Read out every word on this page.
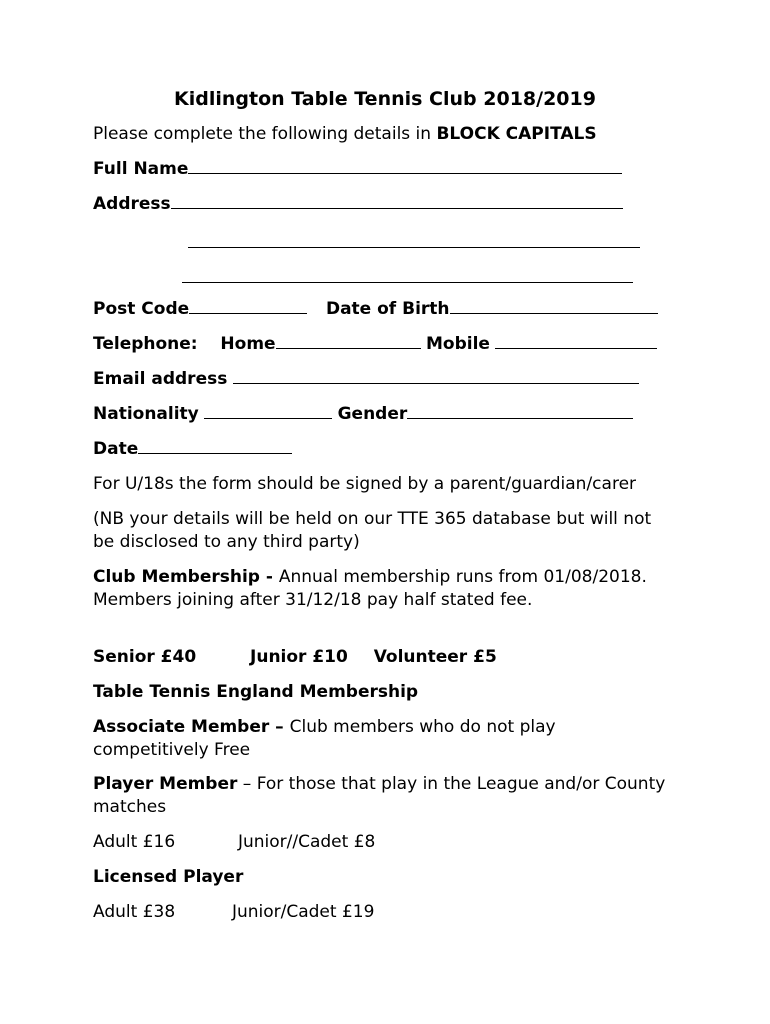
Kidlington Table Tennis Club 2018/2019
Please complete the following details in BLOCK CAPITALS
Full Name
Address
Post Code	Date of Birth
Telephone: Home	Mobile
Email address
Nationality	Gender
Date
For U/18s the form should be signed by a parent/guardian/carer
(NB your details will be held on our TTE 365 database but will not be disclosed to any third party)
Club Membership - Annual membership runs from 01/08/2018. Members joining after 31/12/18 pay half stated fee.
Senior £40	Junior £10 Volunteer £5
Table Tennis England Membership
Associate Member – Club members who do not play competitively Free
Player Member – For those that play in the League and/or County matches
Adult £16	Junior//Cadet £8
Licensed Player
Adult £38	Junior/Cadet £19
